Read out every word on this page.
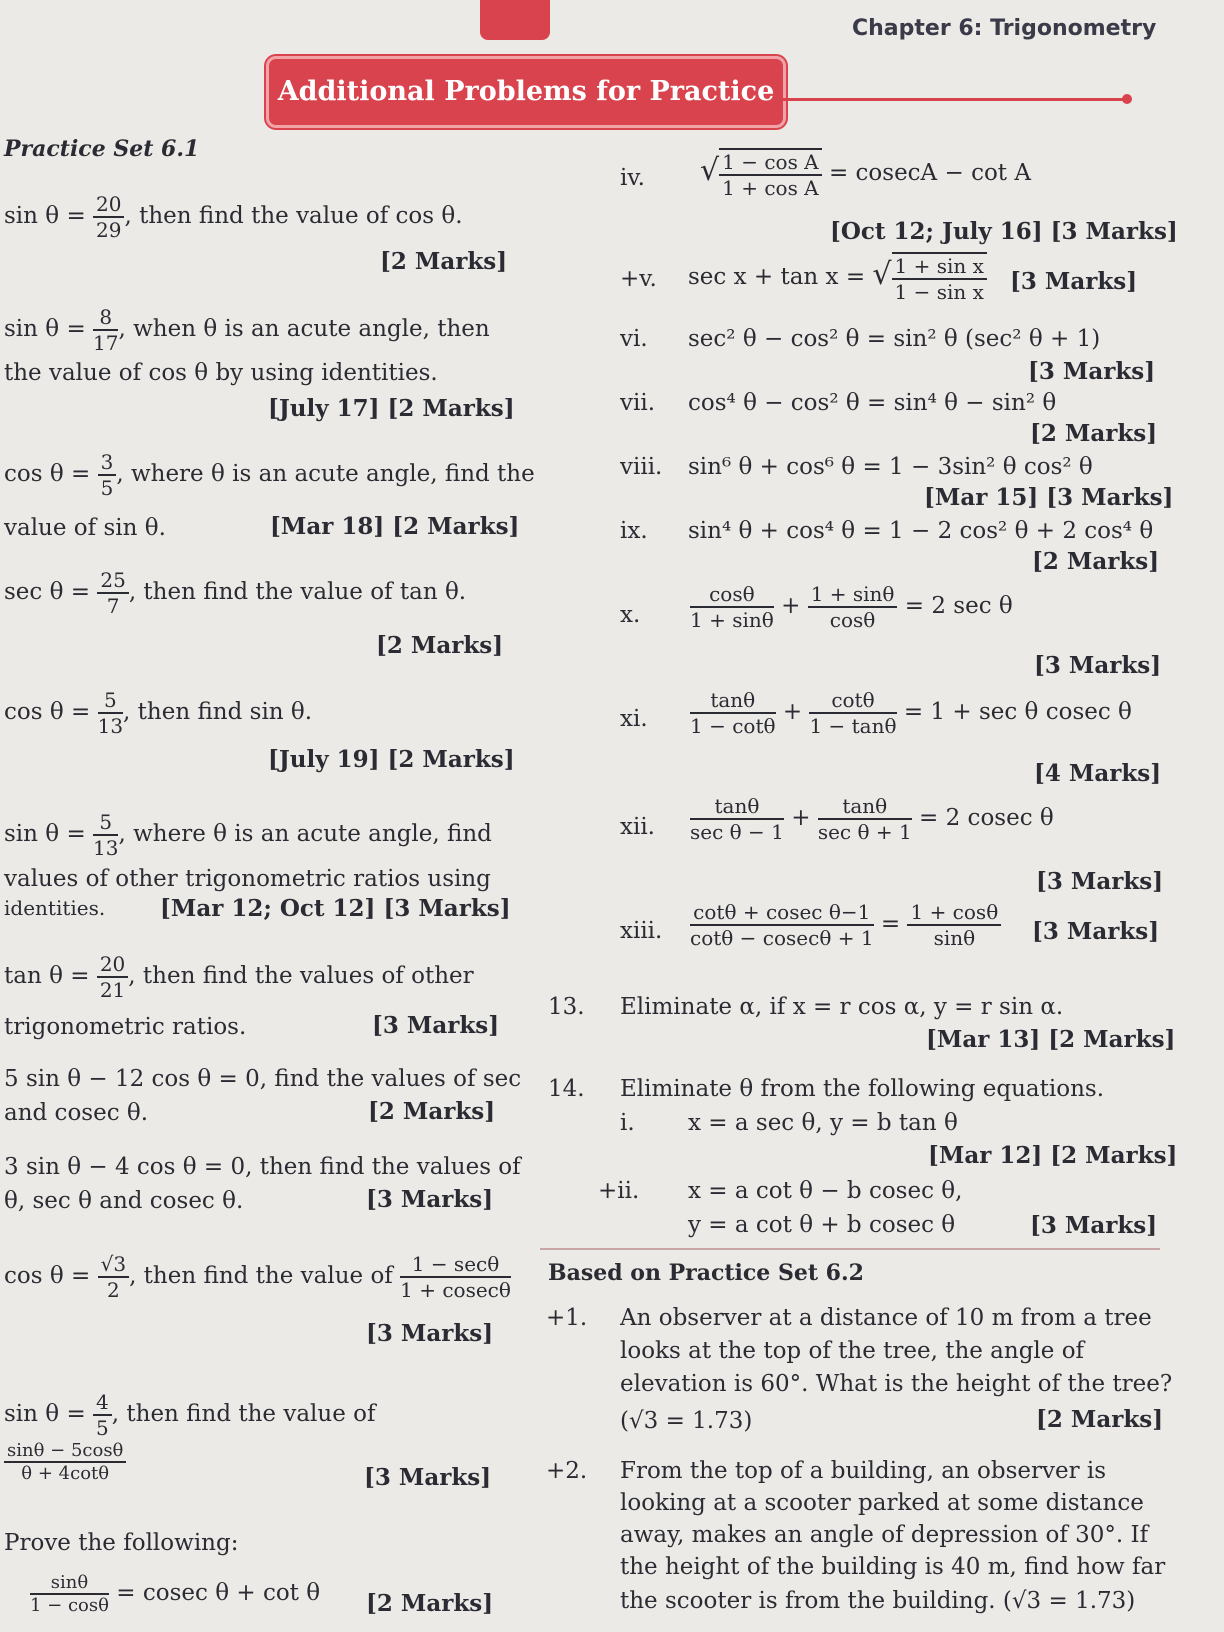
Chapter 6: Trigonometry
Additional Problems for Practice
Practice Set 6.1
$\sin \theta = \frac{20}{29}$ , then find the value of cos θ.
[2 Marks]
$\sin \theta = \frac{8}{17}$ , when θ is an acute angle, then
the value of cos θ by using identities.
[July 17] [2 Marks]
$\cos \theta = \frac{3}{5}$ , where θ is an acute angle, find the
value of sin θ.	[Mar 18] [2 Marks]
$\sec \theta = \frac{25}{7}$ , then find the value of tan θ.
[2 Marks]
$\cos \theta = \frac{5}{13}$ , then find sin θ.
[July 19] [2 Marks]
$\sin \theta = \frac{5}{13}$ , where θ is an acute angle, find
values of other trigonometric ratios using
identities. [Mar 12; Oct 12] [3 Marks]
$\tan \theta = \frac{20}{21}$ , then find the values of other
trigonometric ratios.	[3 Marks]
5 sin θ − 12 cos θ = 0, find the values of sec
and cosec θ.	[2 Marks]
3 sin θ − 4 cos θ = 0, then find the values of
θ, sec θ and cosec θ.	[3 Marks]
$\cos \theta = \frac{√3}{2}$ , then find the value of $\frac{1 - \sec\theta}{1 + cosec\theta}$
[3 Marks]
$\sin \theta = \frac{4}{5}$ , then find the value of
$\frac{\sin\theta - 5\cos\theta}{\theta + 4\cot\theta}$	[3 Marks]
Prove the following:
$\frac{\sin\theta}{1 - \cos\theta} = cosec$ θ + cot θ [2 Marks]
iv. √ $\frac{\text{1 − cos A}}{\text{1 + cos A}} = cosecA - \cot A$
[Oct 12; July 16] [3 Marks]
+v. sec x + tan x = √ $\frac{\text{1 + sin x}}{\text{1 − sin x}} [3$ Marks]
vi. sec² θ − cos² θ = sin² θ (sec² θ + 1)
[3 Marks]
vii. cos⁴ θ − cos² θ = sin⁴ θ − sin² θ
[2 Marks]
viii. sin⁶ θ + cos⁶ θ = 1 − 3sin² θ cos² θ
[Mar 15] [3 Marks]
ix. sin⁴ θ + cos⁴ θ = 1 − 2 cos² θ + 2 cos⁴ θ
[2 Marks]
x. $\frac{\cos\theta}{1 + \sin\theta} + \frac{1 + \sin\theta}{\cos\theta} = 2$ sec θ
[3 Marks]
xi. $\frac{\tan\theta}{1 - \cot\theta} + \frac{\cot\theta}{1 - \tan\theta} = 1 + \sec \theta$ cosec θ
[4 Marks]
xii. $\frac{\tan\theta}{\text{sec θ − 1}} + \frac{\tan\theta}{\text{sec θ + 1}} = 2$ cosec θ
[3 Marks]
xiii. $\frac{\text{cotθ + cosec θ−1}}{\cot\theta - cosec\theta + 1} = \frac{1 + \cos\theta}{\sin\theta} [3$ Marks]
13. Eliminate α, if x = r cos α, y = r sin α.
[Mar 13] [2 Marks]
14. Eliminate θ from the following equations.
i. x = a sec θ, y = b tan θ
[Mar 12] [2 Marks]
+ii. x = a cot θ − b cosec θ,
y = a cot θ + b cosec θ	[3 Marks]
Based on Practice Set 6.2
+1. An observer at a distance of 10 m from a tree
looks at the top of the tree, the angle of
elevation is 60°. What is the height of the tree?
(√3 = 1.73)	[2 Marks]
+2. From the top of a building, an observer is
looking at a scooter parked at some distance
away, makes an angle of depression of 30°. If
the height of the building is 40 m, find how far
the scooter is from the building. (√3 = 1.73)
